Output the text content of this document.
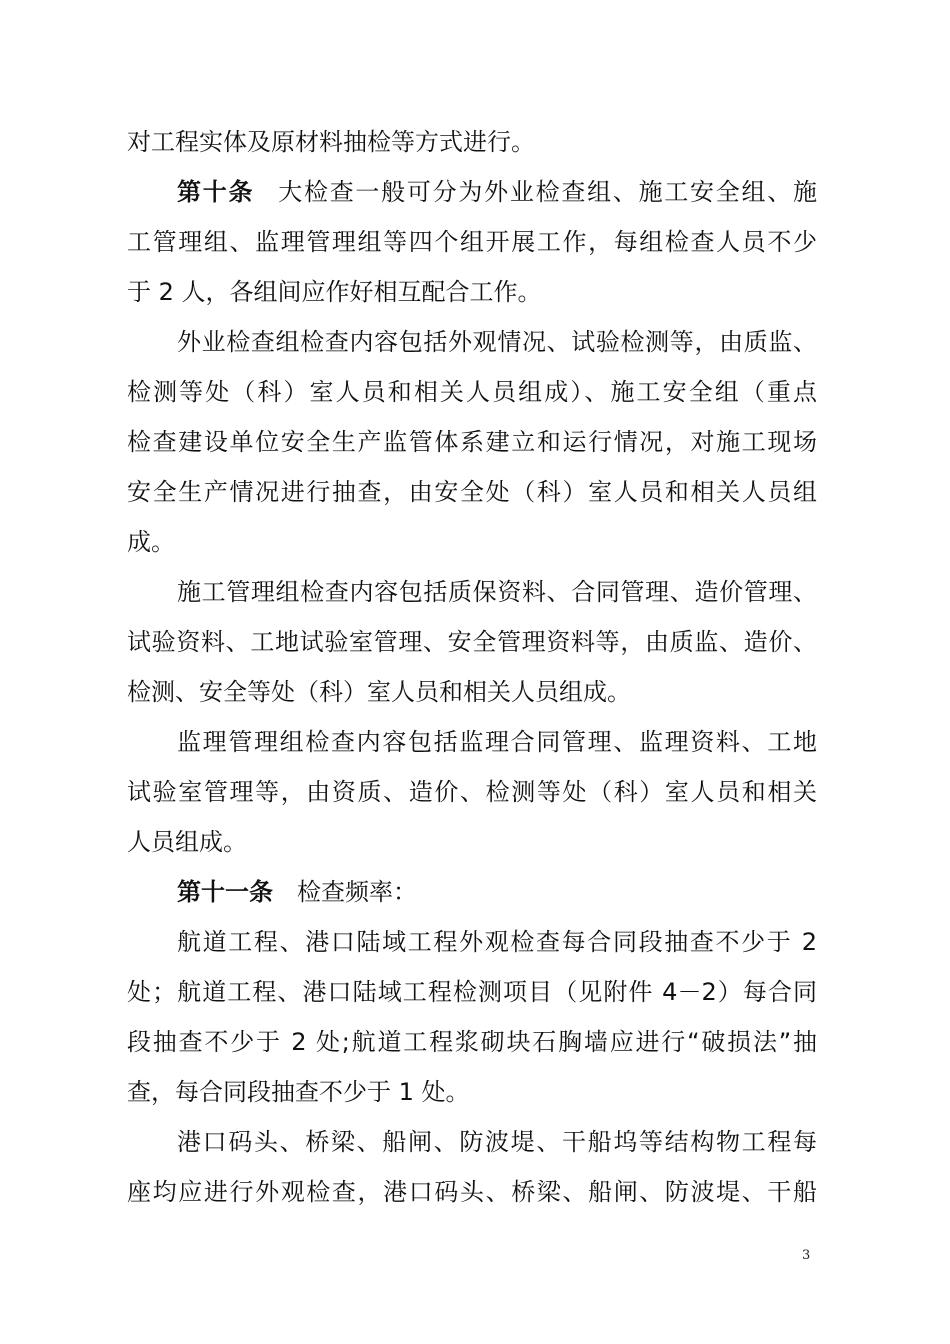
对工程实体及原材料抽检等方式进行。
第十条 大检查一般可分为外业检查组、施工安全组、施
工管理组、监理管理组等四个组开展工作，每组检查人员不少
于 2 人，各组间应作好相互配合工作。
外业检查组检查内容包括外观情况、试验检测等，由质监、
检测等处（科）室人员和相关人员组成）、施工安全组（重点
检查建设单位安全生产监管体系建立和运行情况，对施工现场
安全生产情况进行抽查，由安全处（科）室人员和相关人员组
成。
施工管理组检查内容包括质保资料、合同管理、造价管理、
试验资料、工地试验室管理、安全管理资料等，由质监、造价、
检测、安全等处（科）室人员和相关人员组成。
监理管理组检查内容包括监理合同管理、监理资料、工地
试验室管理等，由资质、造价、检测等处（科）室人员和相关
人员组成。
第十一条 检查频率：
航道工程、港口陆域工程外观检查每合同段抽查不少于 2
处；航道工程、港口陆域工程检测项目（见附件 4－2）每合同
段抽查不少于 2 处;航道工程浆砌块石胸墙应进行“破损法”抽
查，每合同段抽查不少于 1 处。
港口码头、桥梁、船闸、防波堤、干船坞等结构物工程每
座均应进行外观检查，港口码头、桥梁、船闸、防波堤、干船
3
